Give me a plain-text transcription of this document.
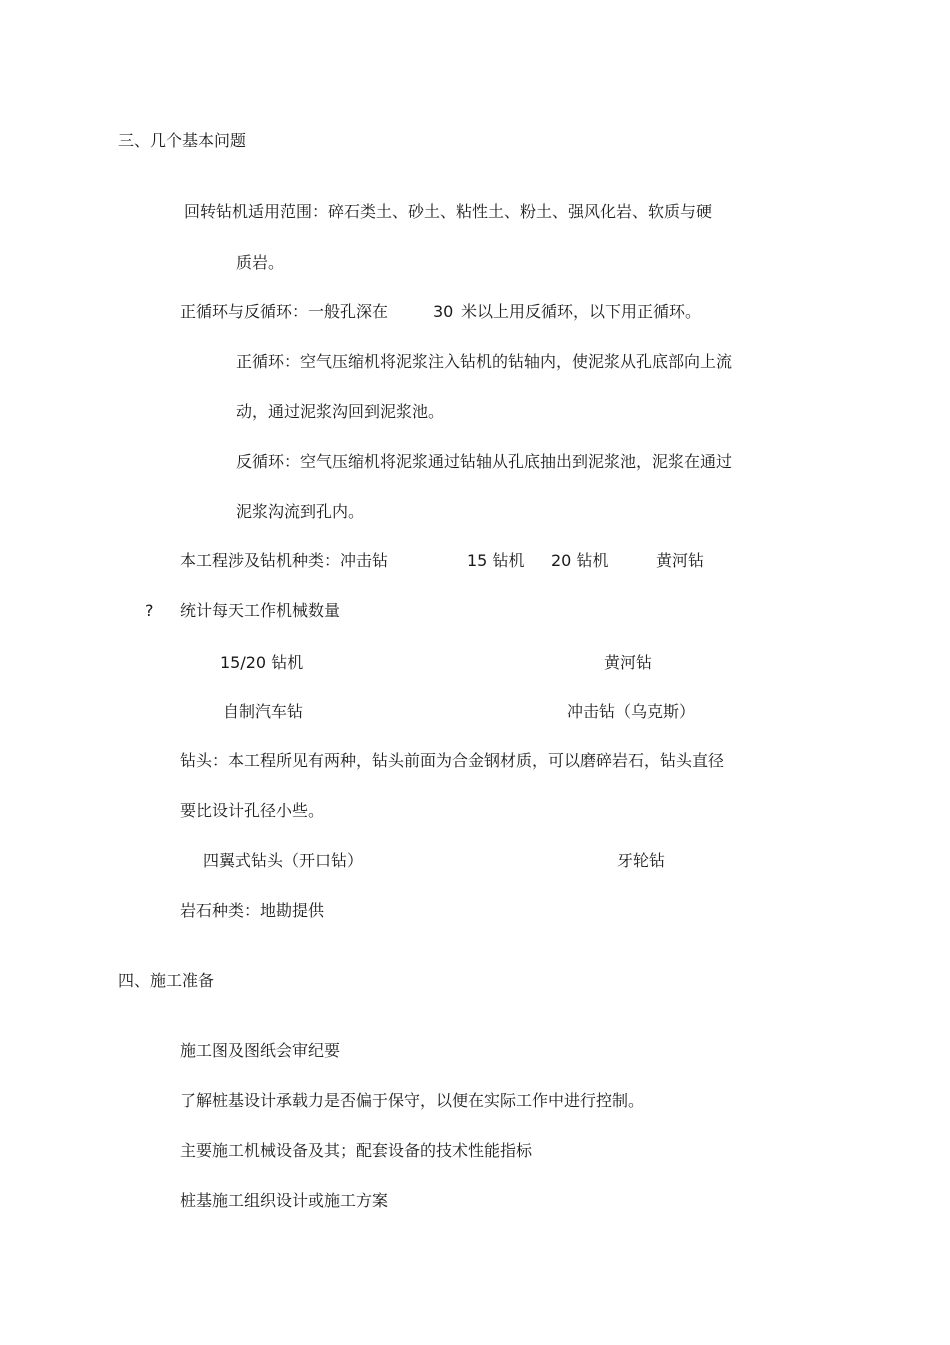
三、几个基本问题
回转钻机适用范围：碎石类土、砂土、粘性土、粉土、强风化岩、软质与硬
质岩。
正循环与反循环：一般孔深在	30 米以上用反循环，以下用正循环。
正循环：空气压缩机将泥浆注入钻机的钻轴内，使泥浆从孔底部向上流
动，通过泥浆沟回到泥浆池。
反循环：空气压缩机将泥浆通过钻轴从孔底抽出到泥浆池，泥浆在通过
泥浆沟流到孔内。
本工程涉及钻机种类：冲击钻	15 钻机 20 钻机	黄河钻
? 统计每天工作机械数量
15/20 钻机	黄河钻
自制汽车钻	冲击钻（乌克斯）
钻头：本工程所见有两种，钻头前面为合金钢材质，可以磨碎岩石，钻头直径
要比设计孔径小些。
四翼式钻头（开口钻）	牙轮钻
岩石种类：地勘提供
四、施工准备
施工图及图纸会审纪要
了解桩基设计承载力是否偏于保守，以便在实际工作中进行控制。
主要施工机械设备及其；配套设备的技术性能指标
桩基施工组织设计或施工方案
